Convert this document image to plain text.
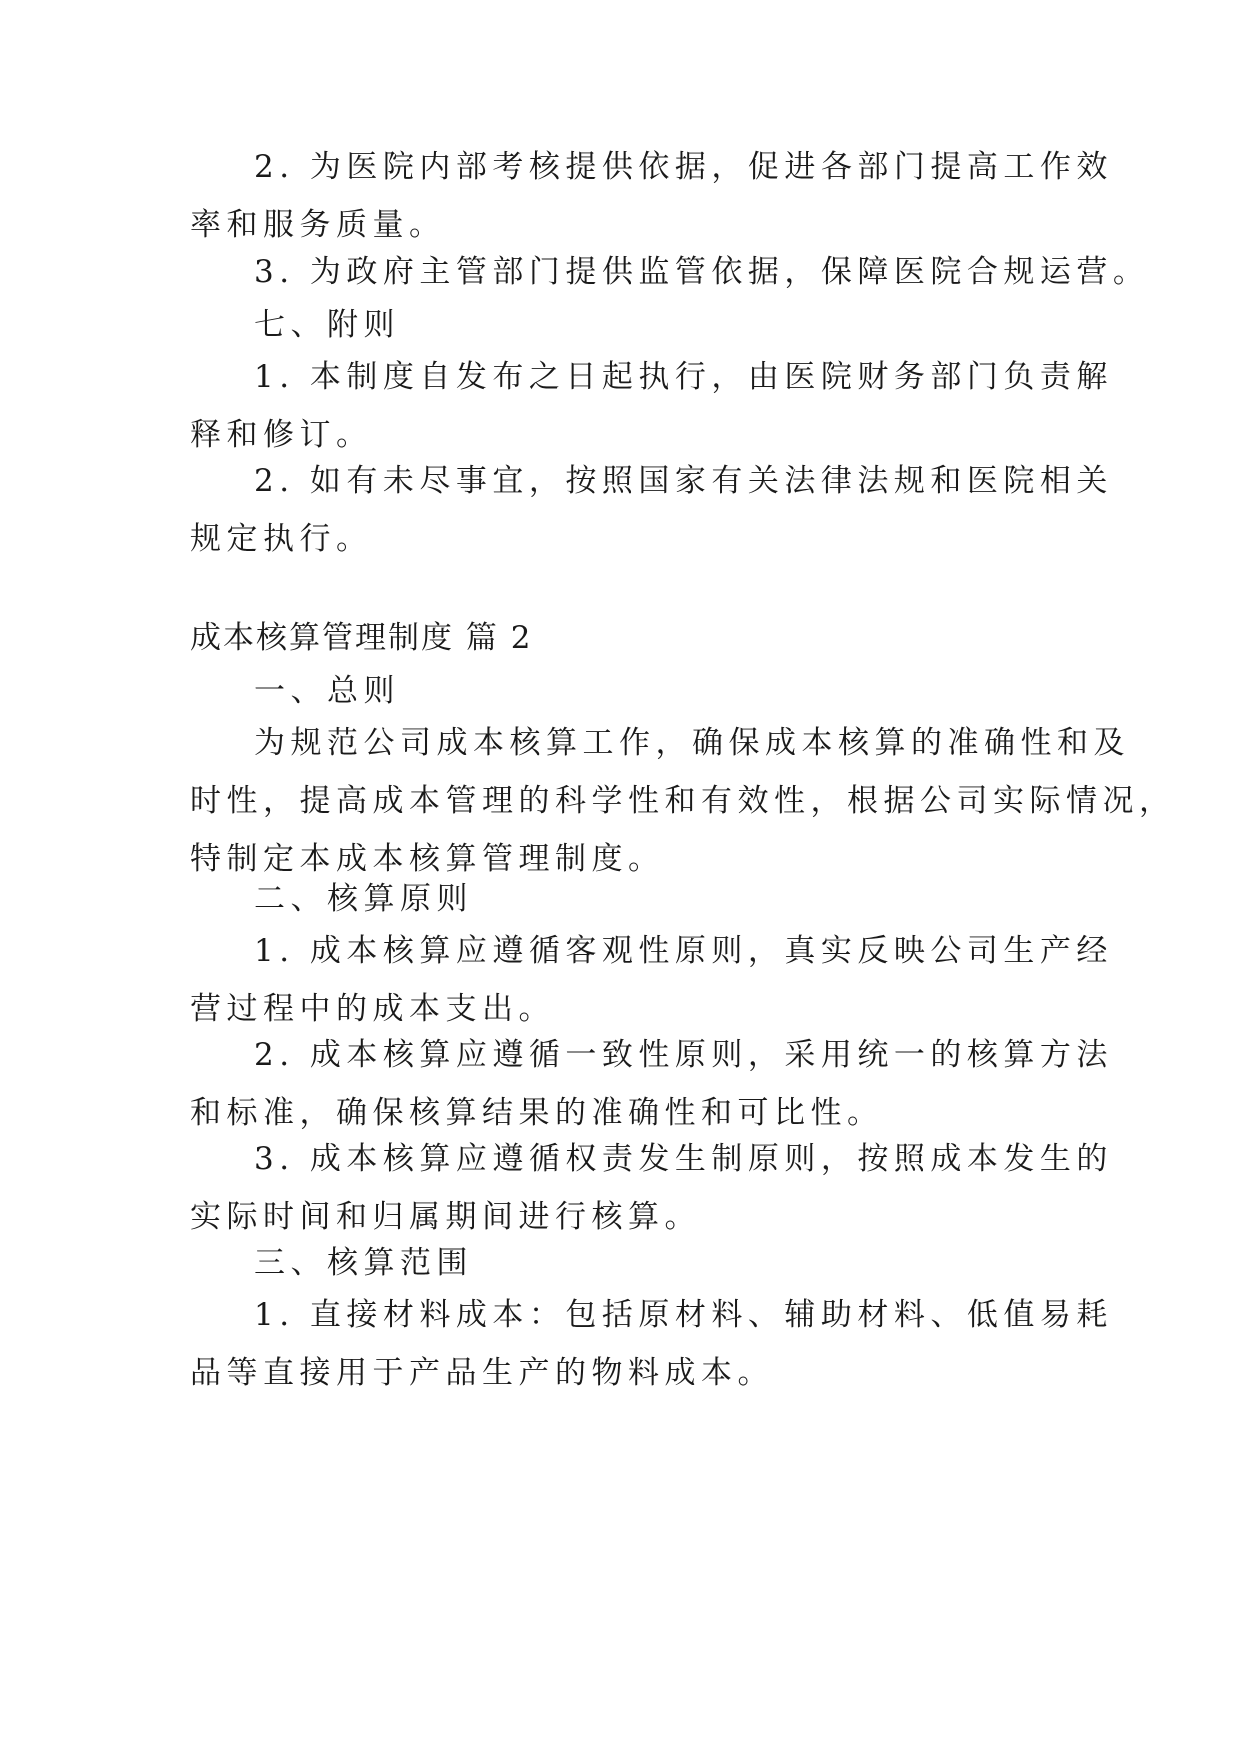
2. 为医院内部考核提供依据，促进各部门提高工作效
率和服务质量。

3. 为政府主管部门提供监管依据，保障医院合规运营。

七、附则

1. 本制度自发布之日起执行，由医院财务部门负责解
释和修订。

2. 如有未尽事宜，按照国家有关法律法规和医院相关
规定执行。

成本核算管理制度 篇 2

一、总则

为规范公司成本核算工作，确保成本核算的准确性和及
时性，提高成本管理的科学性和有效性，根据公司实际情况，
特制定本成本核算管理制度。

二、核算原则

1. 成本核算应遵循客观性原则，真实反映公司生产经
营过程中的成本支出。

2. 成本核算应遵循一致性原则，采用统一的核算方法
和标准，确保核算结果的准确性和可比性。

3. 成本核算应遵循权责发生制原则，按照成本发生的
实际时间和归属期间进行核算。

三、核算范围

1. 直接材料成本：包括原材料、辅助材料、低值易耗
品等直接用于产品生产的物料成本。
